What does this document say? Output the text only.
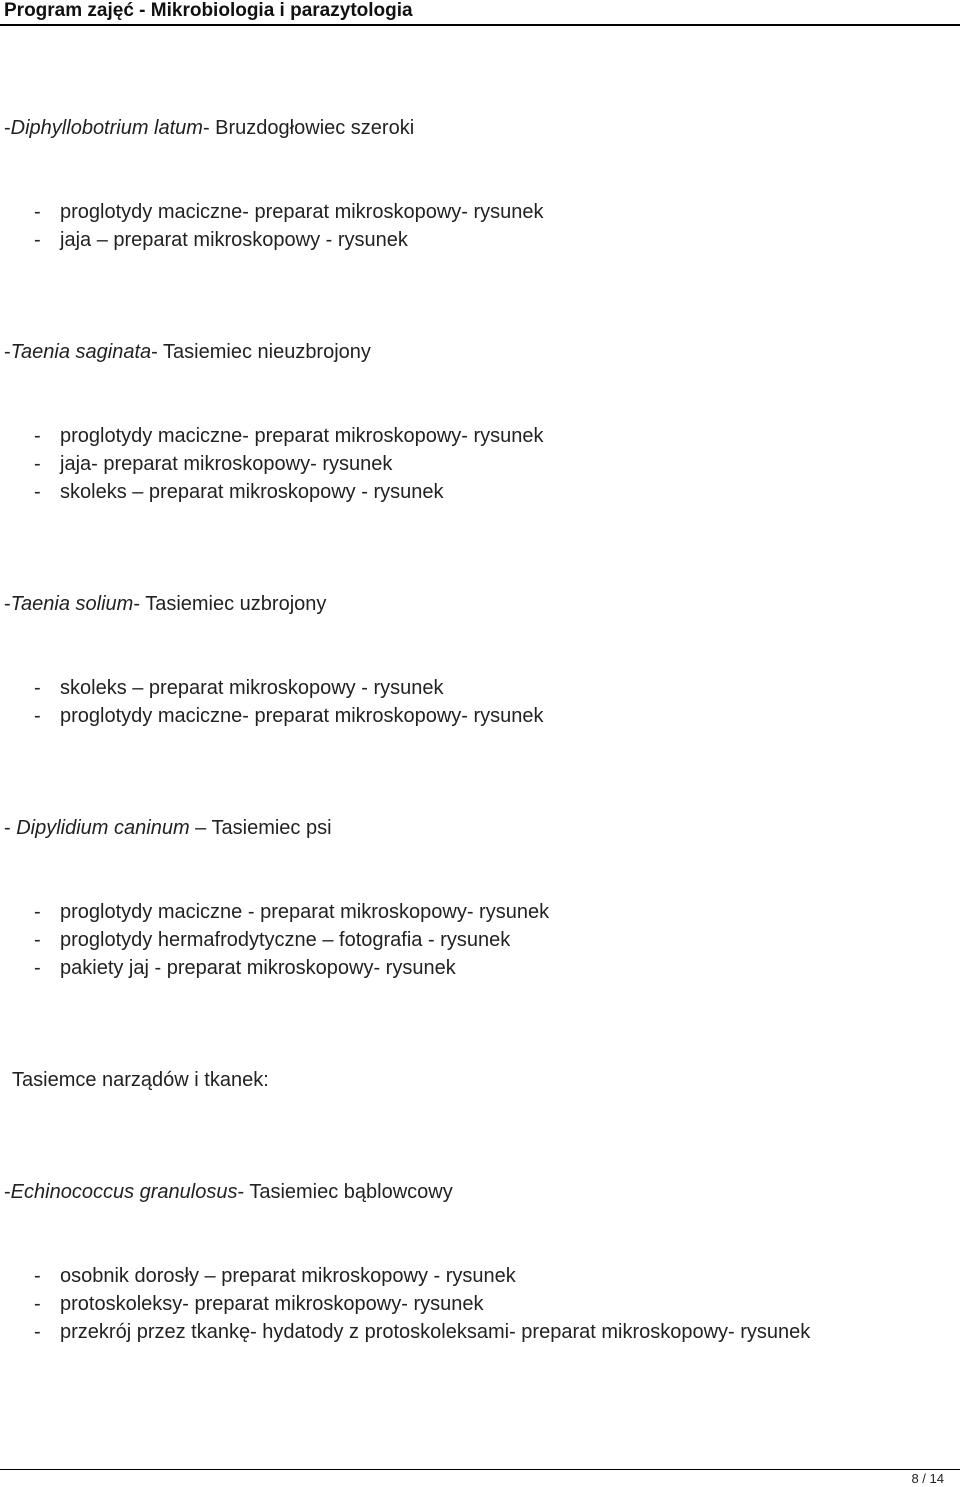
Program zajęć - Mikrobiologia i parazytologia
-Diphyllobotrium latum- Bruzdogłowiec szeroki
- proglotydy maciczne- preparat mikroskopowy- rysunek
- jaja – preparat mikroskopowy - rysunek
-Taenia saginata- Tasiemiec nieuzbrojony
- proglotydy maciczne- preparat mikroskopowy- rysunek
- jaja- preparat mikroskopowy- rysunek
- skoleks – preparat mikroskopowy - rysunek
-Taenia solium- Tasiemiec uzbrojony
- skoleks – preparat mikroskopowy - rysunek
- proglotydy maciczne- preparat mikroskopowy- rysunek
- Dipylidium caninum – Tasiemiec psi
- proglotydy maciczne - preparat mikroskopowy- rysunek
- proglotydy hermafrodytyczne – fotografia - rysunek
- pakiety jaj - preparat mikroskopowy- rysunek
Tasiemce narządów i tkanek:
-Echinococcus granulosus- Tasiemiec bąblowcowy
- osobnik dorosły – preparat mikroskopowy - rysunek
- protoskoleksy- preparat mikroskopowy- rysunek
- przekrój przez tkankę- hydatody z protoskoleksami- preparat mikroskopowy- rysunek
8 / 14
